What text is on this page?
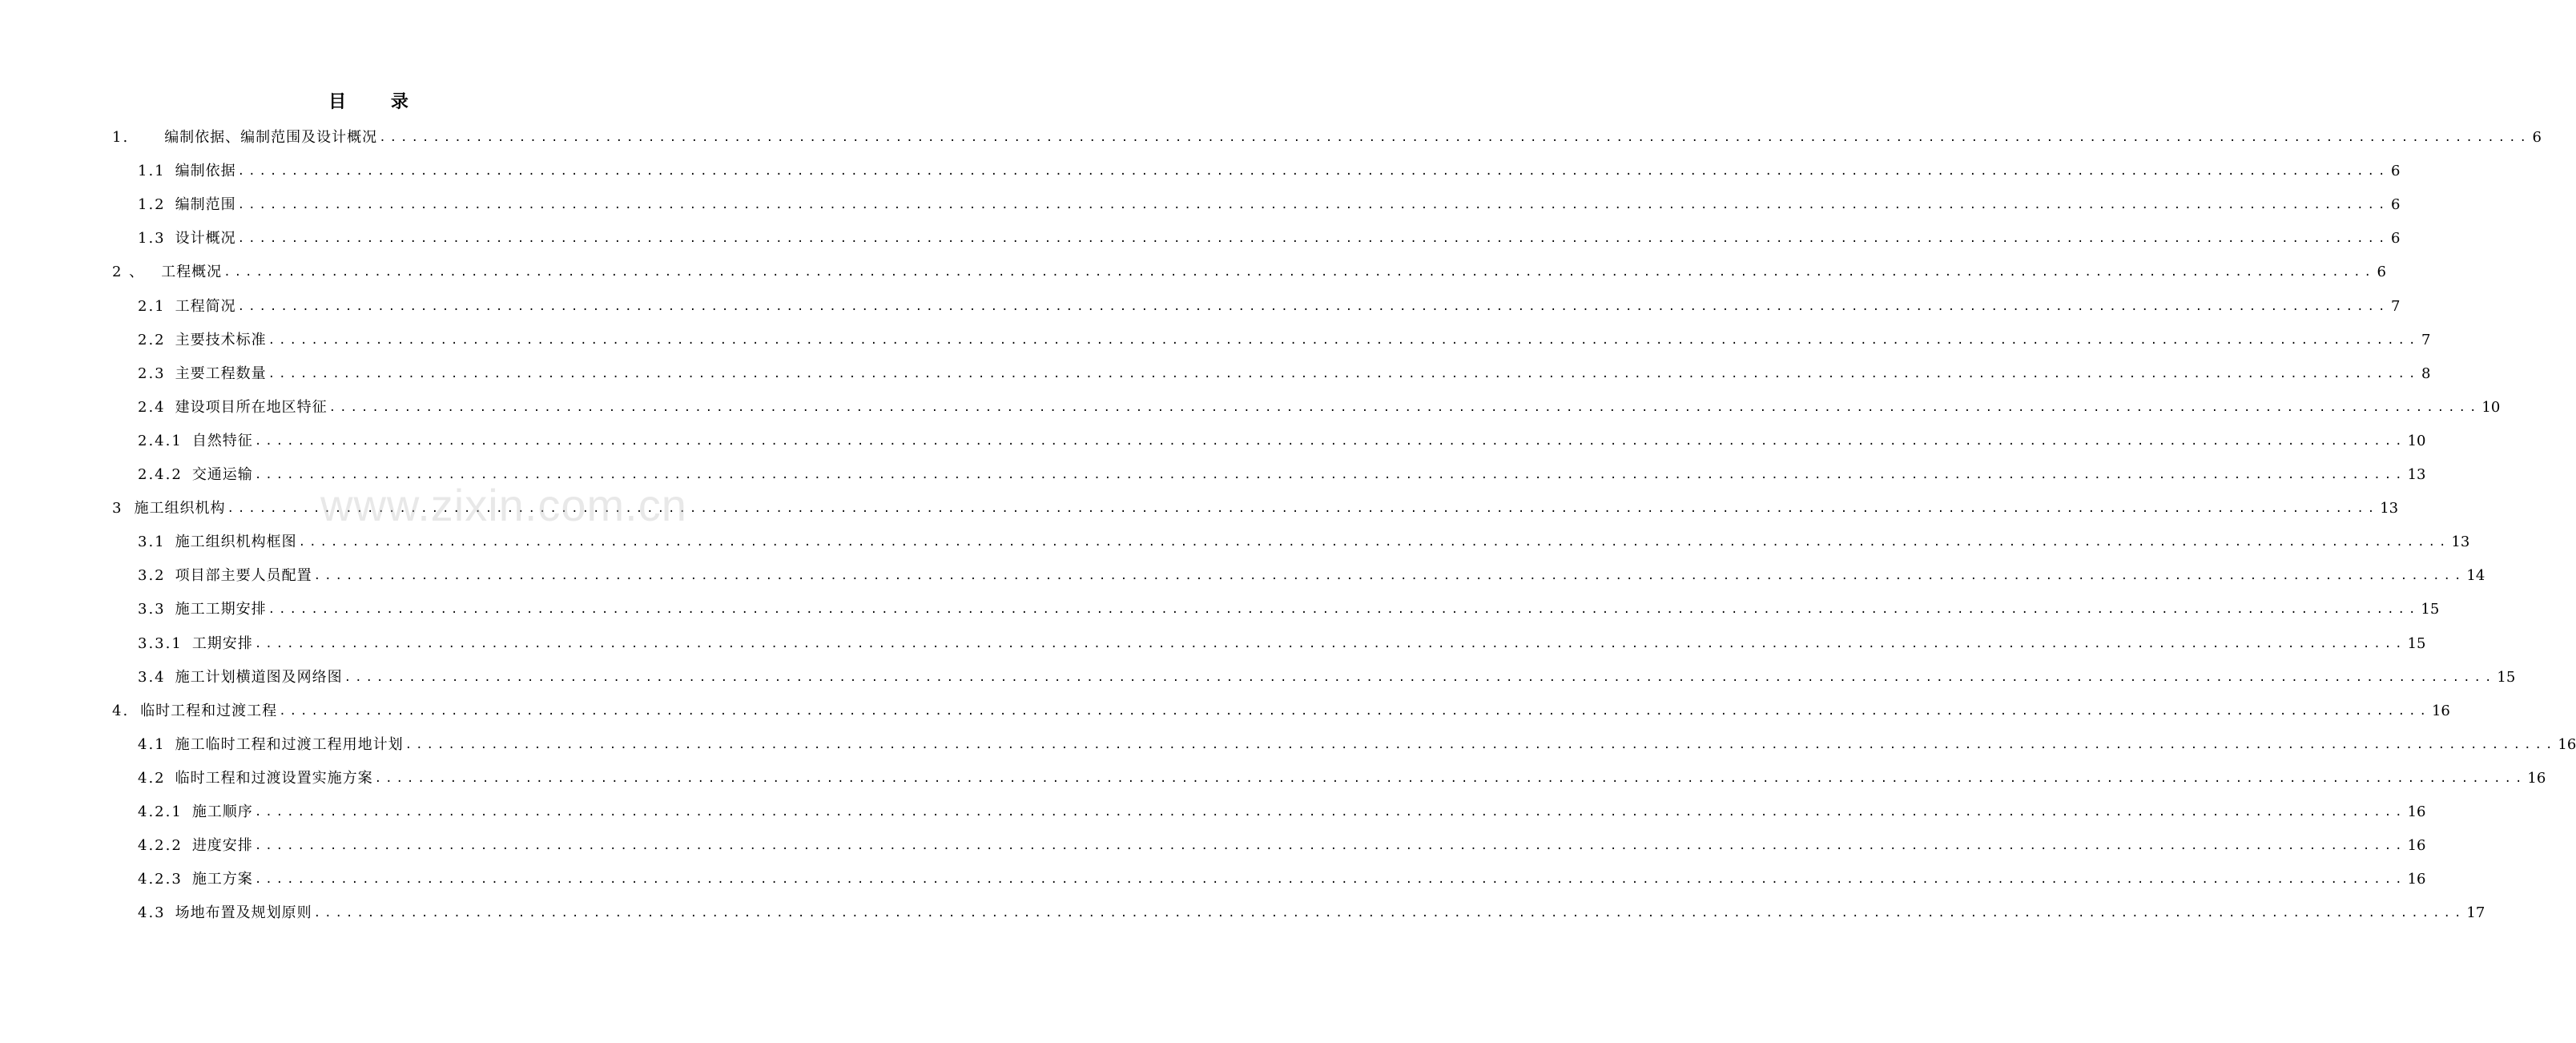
目 录
1. 编制依据、编制范围及设计概况 ........................................................................................................................................................................................................ 6
1.1 编制依据 ........................................................................................................................................................................................................ 6
1.2 编制范围 ........................................................................................................................................................................................................ 6
1.3 设计概况 ........................................................................................................................................................................................................ 6
2 、 工程概况 ........................................................................................................................................................................................................ 6
2.1 工程简况 ........................................................................................................................................................................................................ 7
2.2 主要技术标准 ........................................................................................................................................................................................................ 7
2.3 主要工程数量 ........................................................................................................................................................................................................ 8
2.4 建设项目所在地区特征 ........................................................................................................................................................................................................ 10
2.4.1 自然特征 ........................................................................................................................................................................................................ 10
2.4.2 交通运输 ........................................................................................................................................................................................................ 13
3 施工组织机构 ........................................................................................................................................................................................................ 13
3.1 施工组织机构框图 ........................................................................................................................................................................................................ 13
3.2 项目部主要人员配置 ........................................................................................................................................................................................................ 14
3.3 施工工期安排 ........................................................................................................................................................................................................ 15
3.3.1 工期安排 ........................................................................................................................................................................................................ 15
3.4 施工计划横道图及网络图 ........................................................................................................................................................................................................ 15
4. 临时工程和过渡工程 ........................................................................................................................................................................................................ 16
4.1 施工临时工程和过渡工程用地计划 ........................................................................................................................................................................................................ 16
4.2 临时工程和过渡设置实施方案 ........................................................................................................................................................................................................ 16
4.2.1 施工顺序 ........................................................................................................................................................................................................ 16
4.2.2 进度安排 ........................................................................................................................................................................................................ 16
4.2.3 施工方案 ........................................................................................................................................................................................................ 16
4.3 场地布置及规划原则 ........................................................................................................................................................................................................ 17
www.zixin.com.cn
